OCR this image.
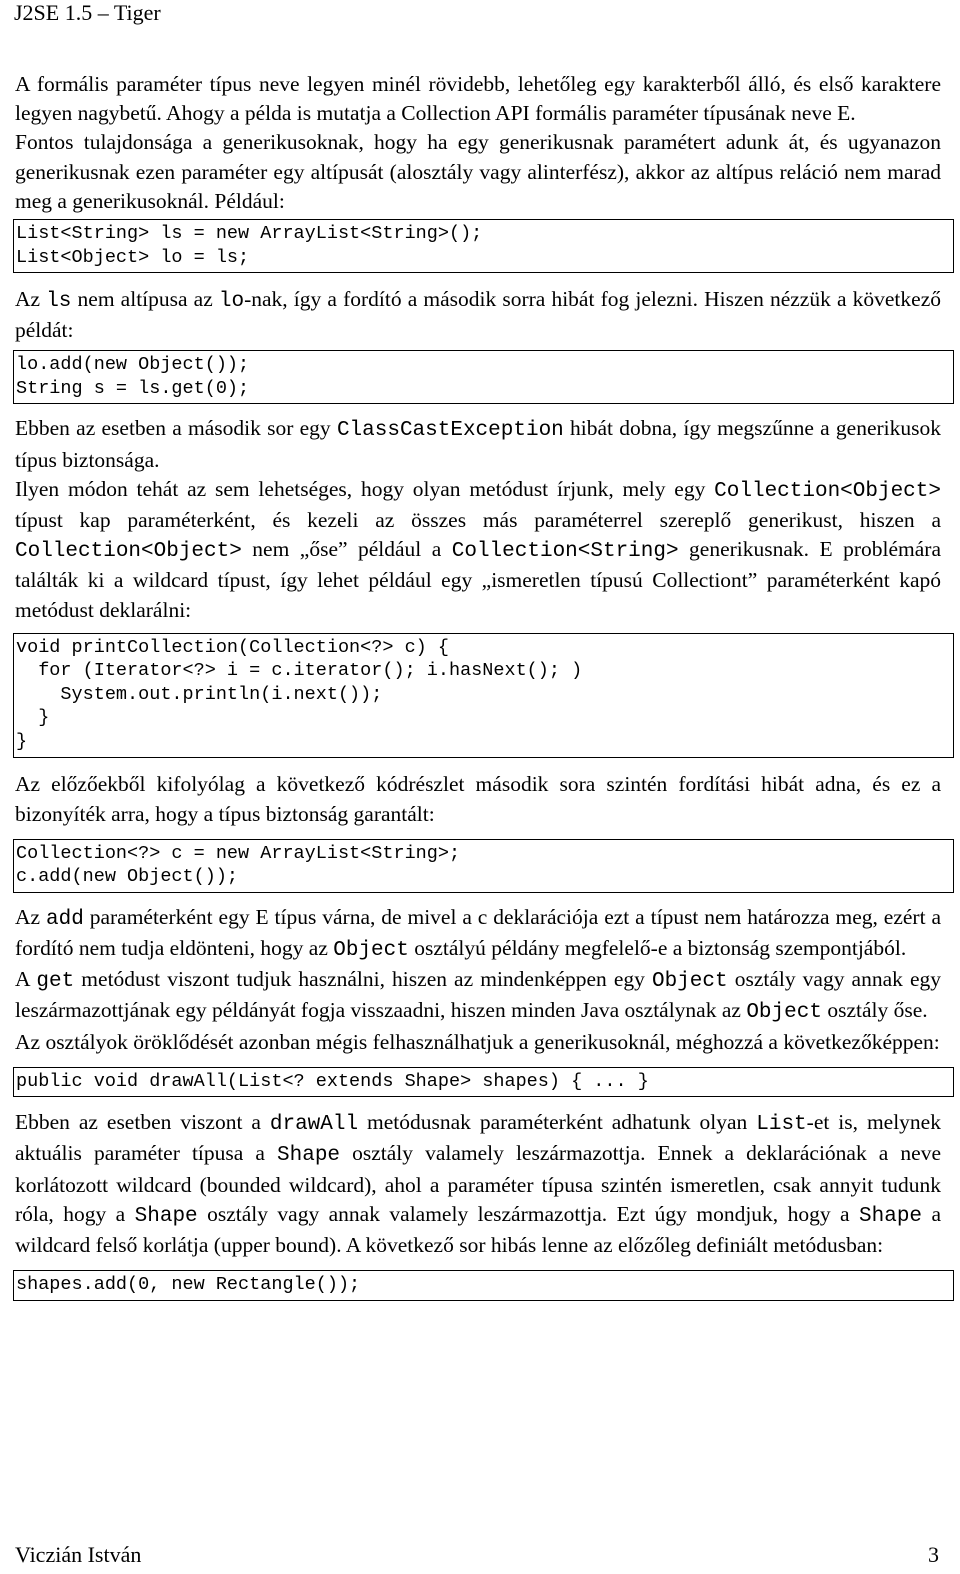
J2SE 1.5 – Tiger

A formális paraméter típus neve legyen minél rövidebb, lehetőleg egy karakterből álló, és első karaktere legyen nagybetű. Ahogy a példa is mutatja a Collection API formális paraméter típusának neve E.

Fontos tulajdonsága a generikusoknak, hogy ha egy generikusnak paramétert adunk át, és ugyanazon generikusnak ezen paraméter egy altípusát (alosztály vagy alinterfész), akkor az altípus reláció nem marad meg a generikusoknál. Például:

List<String> ls = new ArrayList<String>();
List<Object> lo = ls;

Az ls nem altípusa az lo-nak, így a fordító a második sorra hibát fog jelezni. Hiszen nézzük a következő példát:

lo.add(new Object());
String s = ls.get(0);

Ebben az esetben a második sor egy ClassCastException hibát dobna, így megszűnne a generikusok típus biztonsága.

Ilyen módon tehát az sem lehetséges, hogy olyan metódust írjunk, mely egy Collection<Object> típust kap paraméterként, és kezeli az összes más paraméterrel szereplő generikust, hiszen a Collection<Object> nem „őse” például a Collection<String> generikusnak. E problémára találták ki a wildcard típust, így lehet például egy „ismeretlen típusú Collectiont” paraméterként kapó metódust deklarálni:

void printCollection(Collection<?> c) {
for (Iterator<?> i = c.iterator(); i.hasNext(); )
System.out.println(i.next());
}
}

Az előzőekből kifolyólag a következő kódrészlet második sora szintén fordítási hibát adna, és ez a bizonyíték arra, hogy a típus biztonság garantált:

Collection<?> c = new ArrayList<String>;
c.add(new Object());

Az add paraméterként egy E típus várna, de mivel a c deklarációja ezt a típust nem határozza meg, ezért a fordító nem tudja eldönteni, hogy az Object osztályú példány megfelelő-e a biztonság szempontjából.

A get metódust viszont tudjuk használni, hiszen az mindenképpen egy Object osztály vagy annak egy leszármazottjának egy példányát fogja visszaadni, hiszen minden Java osztálynak az Object osztály őse.

Az osztályok öröklődését azonban mégis felhasználhatjuk a generikusoknál, méghozzá a következőképpen:

public void drawAll(List<? extends Shape> shapes) { ... }

Ebben az esetben viszont a drawAll metódusnak paraméterként adhatunk olyan List-et is, melynek aktuális paraméter típusa a Shape osztály valamely leszármazottja. Ennek a deklarációnak a neve korlátozott wildcard (bounded wildcard), ahol a paraméter típusa szintén ismeretlen, csak annyit tudunk róla, hogy a Shape osztály vagy annak valamely leszármazottja. Ezt úgy mondjuk, hogy a Shape a wildcard felső korlátja (upper bound). A következő sor hibás lenne az előzőleg definiált metódusban:

shapes.add(0, new Rectangle());
Viczián István	3
